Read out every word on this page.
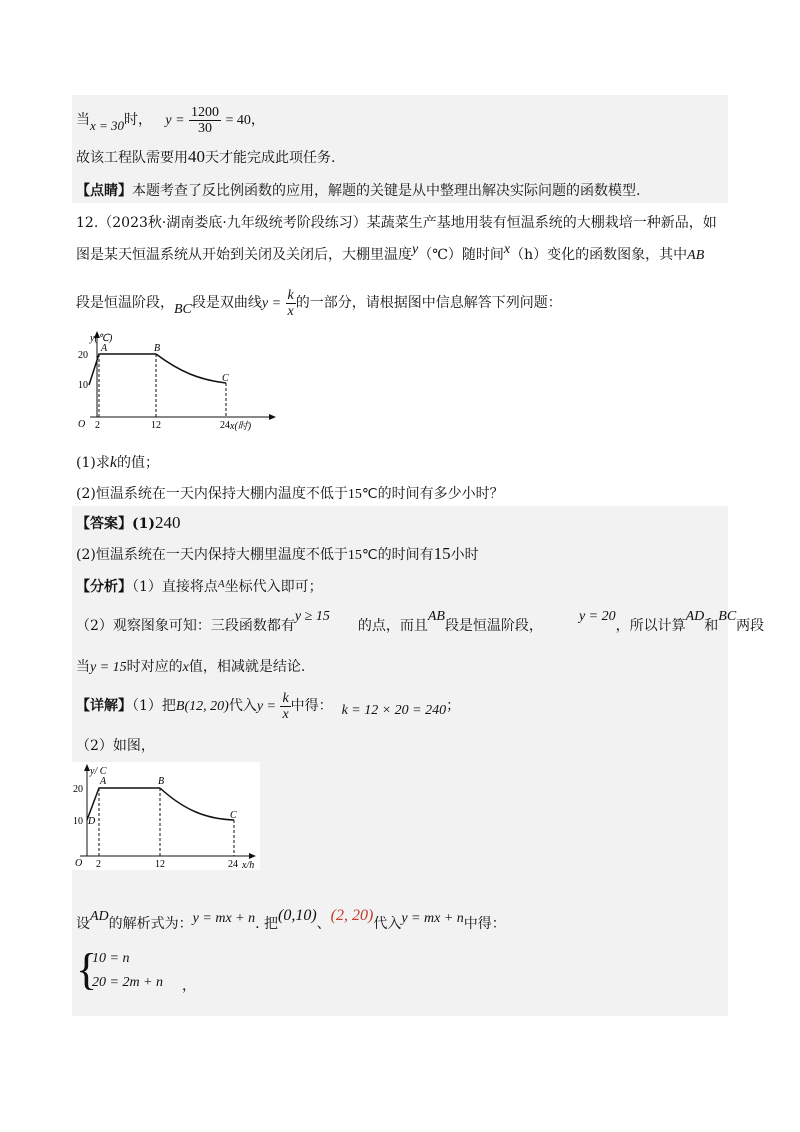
当x = 30时， $y = \frac{1200}{30} = 40$，
故该工程队需要用40天才能完成此项任务.
【点睛】本题考查了反比例函数的应用，解题的关键是从中整理出解决实际问题的函数模型.
12.（2023秋·湖南娄底·九年级统考阶段练习）某蔬菜生产基地用装有恒温系统的大棚栽培一种新品，如
图是某天恒温系统从开始到关闭及关闭后，大棚里温度y（℃）随时间x（h）变化的函数图象，其中AB
段是恒温阶段，BC段是双曲线$y = \frac{k}{x}$ 的一部分，请根据图中信息解答下列问题：
y(℃)
20
10
O 2	12	24 x(时)
A	B
C
(1)求k的值；
(2)恒温系统在一天内保持大棚内温度不低于15℃的时间有多少小时？
【答案】(1)240
(2)恒温系统在一天内保持大棚里温度不低于15℃的时间有15小时
【分析】（1）直接将点$^A$坐标代入即可；
（2）观察图象可知：三段函数都有y ≥ 15的点，而且AB段是恒温阶段，y = 20，所以计算AD和BC两段
当y = 15时对应的x值，相减就是结论.
【详解】（1）把B(12, 20)代入$y = \frac{k}{x}$ 中得： k = 12 × 20 = 240；
（2）如图，
y/ C
20
10 D
O 2	12	24 x/h
A	B
C
设AD的解析式为：y = mx + n. 把(0,10)、(2, 20)代入y = mx + n中得：
{
10 = n
20 = 2m + n ，
